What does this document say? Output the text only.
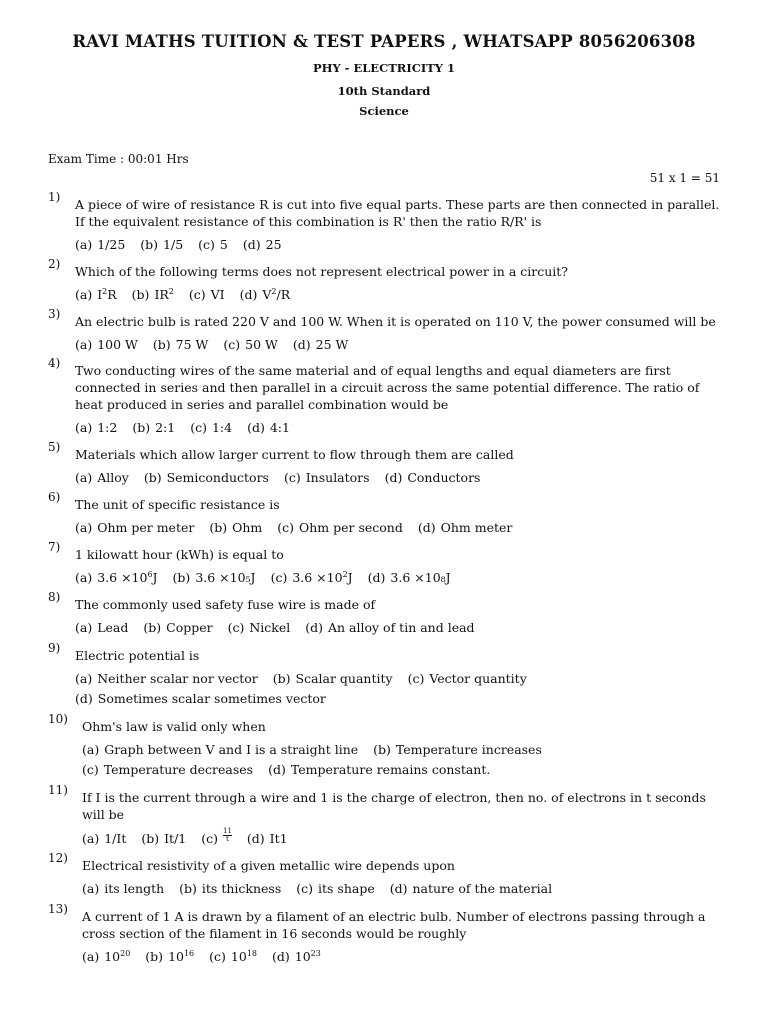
RAVI MATHS TUITION & TEST PAPERS , WHATSAPP 8056206308
PHY - ELECTRICITY 1
10th Standard
Science
Exam Time : 00:01 Hrs
51 x 1 = 51
1) A piece of wire of resistance R is cut into five equal parts. These parts are then connected in parallel. If the equivalent resistance of this combination is R' then the ratio R/R' is
(a) 1/25 (b) 1/5 (c) 5 (d) 25
2) Which of the following terms does not represent electrical power in a circuit?
(a) $I^2R$ (b) $IR^2$ (c) VI (d) $V^2/R$
3) An electric bulb is rated 220 V and 100 W. When it is operated on 110 V, the power consumed will be
(a) 100 W (b) 75 W (c) 50 W (d) 25 W
4) Two conducting wires of the same material and of equal lengths and equal diameters are first connected in series and then parallel in a circuit across the same potential difference. The ratio of heat produced in series and parallel combination would be
(a) 1:2 (b) 2:1 (c) 1:4 (d) 4:1
5) Materials which allow larger current to flow through them are called
(a) Alloy (b) Semiconductors (c) Insulators (d) Conductors
6) The unit of specific resistance is
(a) Ohm per meter (b) Ohm (c) Ohm per second (d) Ohm meter
7) 1 kilowatt hour (kWh) is equal to
(a) $3.6 \times 10^6J$ (b) 3.6 ×10₅J (c) $3.6 \times 10^2J$ (d) 3.6 ×10₈J
8) The commonly used safety fuse wire is made of
(a) Lead (b) Copper (c) Nickel (d) An alloy of tin and lead
9) Electric potential is
(a) Neither scalar nor vector (b) Scalar quantity (c) Vector quantity
(d) Sometimes scalar sometimes vector
10) Ohm's law is valid only when
(a) Graph between V and I is a straight line (b) Temperature increases
(c) Temperature decreases (d) Temperature remains constant.
11) If I is the current through a wire and 1 is the charge of electron, then no. of electrons in t seconds will be
(a) 1/It (b) It/1 $(c) \frac{11}{t} (d)$ It1
12) Electrical resistivity of a given metallic wire depends upon
(a) its length (b) its thickness (c) its shape (d) nature of the material
13) A current of 1 A is drawn by a filament of an electric bulb. Number of electrons passing through a cross section of the filament in 16 seconds would be roughly
(a) $10^{20}$ (b) $10^{16}$ (c) $10^{18}$ (d) $10^{23}$
